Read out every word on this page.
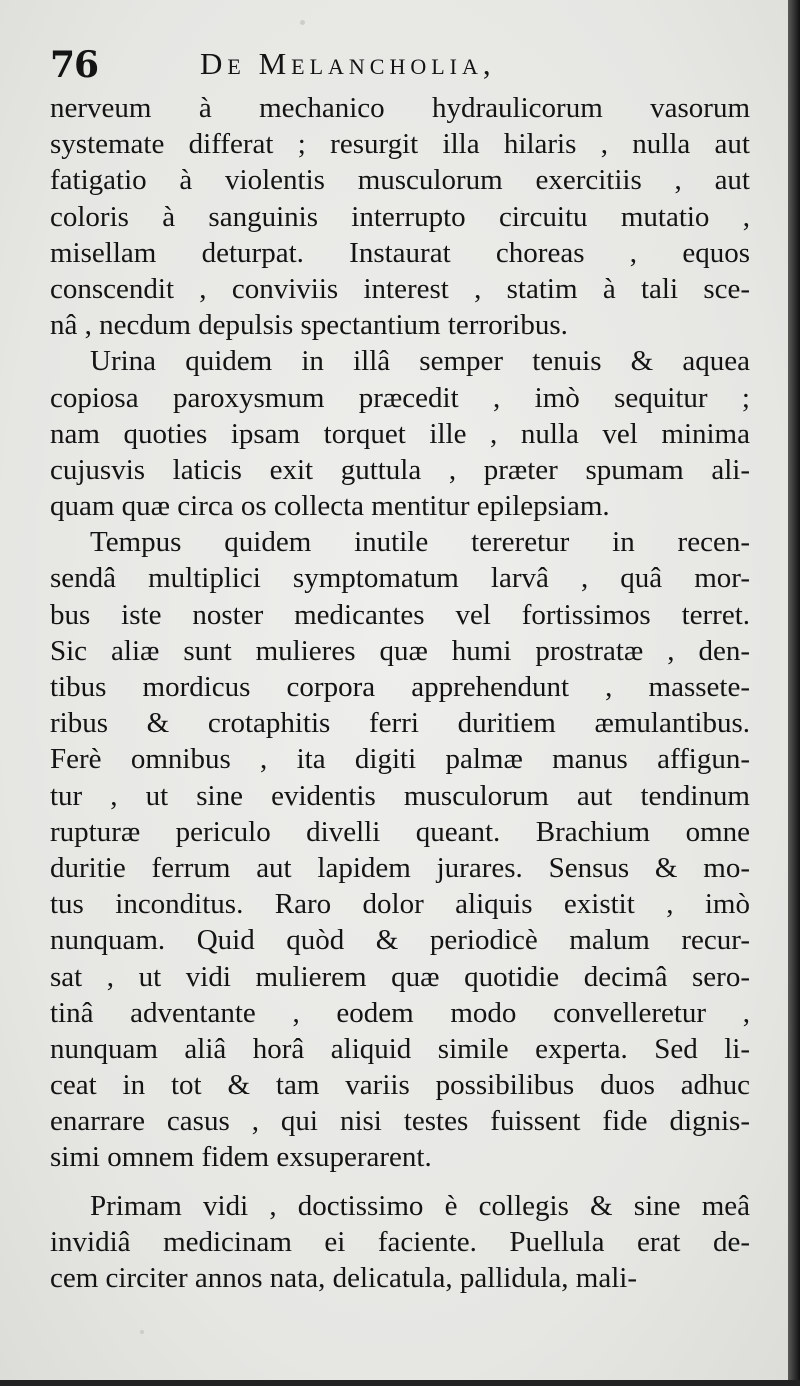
76	De Melancholia,
nerveum à mechanico hydraulicorum vasorum
systemate differat ; resurgit illa hilaris , nulla aut
fatigatio à violentis musculorum exercitiis , aut
coloris à sanguinis interrupto circuitu mutatio ,
misellam deturpat. Instaurat choreas , equos
conscendit , conviviis interest , statim à tali sce-
nâ , necdum depulsis spectantium terroribus.
Urina quidem in illâ semper tenuis & aquea
copiosa paroxysmum præcedit , imò sequitur ;
nam quoties ipsam torquet ille , nulla vel minima
cujusvis laticis exit guttula , præter spumam ali-
quam quæ circa os collecta mentitur epilepsiam.
Tempus quidem inutile tereretur in recen-
sendâ multiplici symptomatum larvâ , quâ mor-
bus iste noster medicantes vel fortissimos terret.
Sic aliæ sunt mulieres quæ humi prostratæ , den-
tibus mordicus corpora apprehendunt , massete-
ribus & crotaphitis ferri duritiem æmulantibus.
Ferè omnibus , ita digiti palmæ manus affigun-
tur , ut sine evidentis musculorum aut tendinum
rupturæ periculo divelli queant. Brachium omne
duritie ferrum aut lapidem jurares. Sensus & mo-
tus inconditus. Raro dolor aliquis existit , imò
nunquam. Quid quòd & periodicè malum recur-
sat , ut vidi mulierem quæ quotidie decimâ sero-
tinâ adventante , eodem modo convelleretur ,
nunquam aliâ horâ aliquid simile experta. Sed li-
ceat in tot & tam variis possibilibus duos adhuc
enarrare casus , qui nisi testes fuissent fide dignis-
simi omnem fidem exsuperarent.
Primam vidi , doctissimo è collegis & sine meâ
invidiâ medicinam ei faciente. Puellula erat de-
cem circiter annos nata, delicatula, pallidula, mali-
